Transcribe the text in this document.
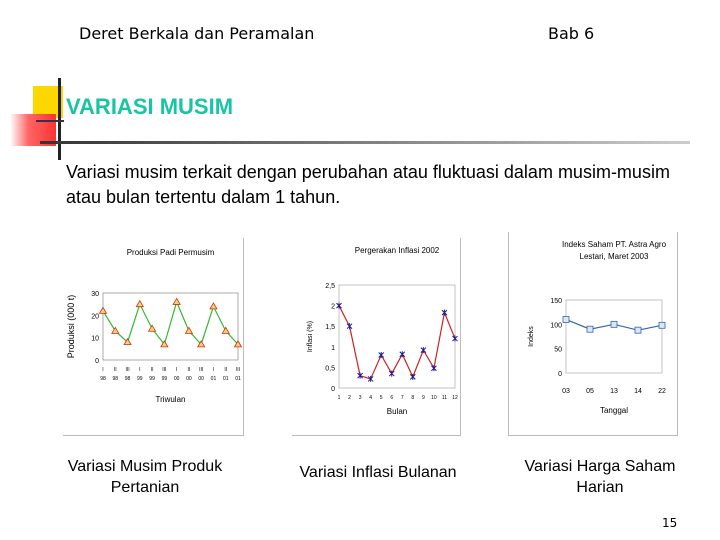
Deret Berkala dan Peramalan	Bab 6
VARIASI MUSIM
Variasi musim terkait dengan perubahan atau fluktuasi dalam musim-musim atau bulan tertentu dalam 1 tahun.
Produksi Padi Permusim
0
10
20
30
I
98
II
98
III
98
I
99
II
99
III
99
I
00
II
00
III
00
I
01
II
01
III
01
Triwulan
Produksi (000 t)
Pergerakan Inflasi 2002
0
0,5
1
1,5
2
2,5
1 2 3 4 5 6 7 8 9 10 11 12
Bulan
Inflasi (%)
Indeks Saham PT. Astra Agro
Lestari, Maret 2003
0
50
100
150
03 05 13 14 22
Tanggal
Indeks
Variasi Musim Produk Pertanian
Variasi Inflasi Bulanan	Variasi Harga Saham Harian
15
